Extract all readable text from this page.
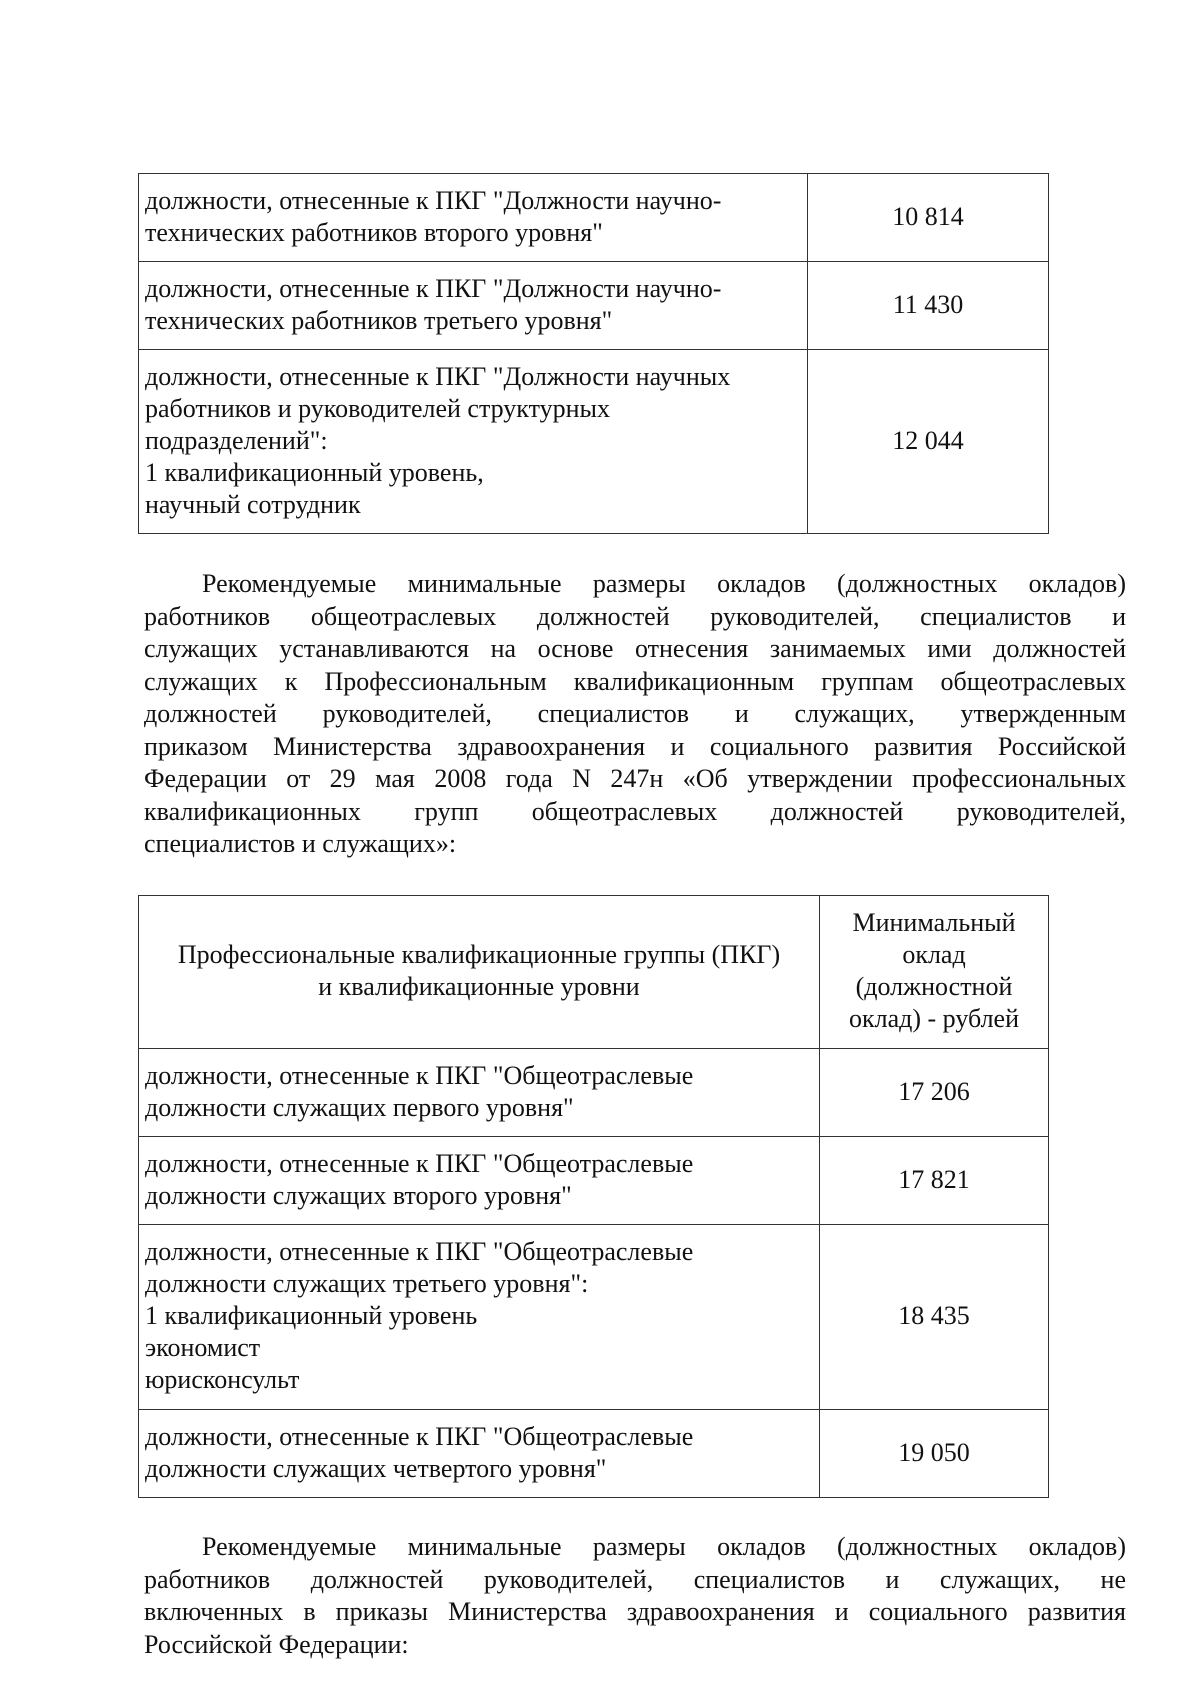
должности, отнесенные к ПКГ "Должности научно-
технических работников второго уровня"	10 814

должности, отнесенные к ПКГ "Должности научно-
технических работников третьего уровня"	11 430

должности, отнесенные к ПКГ "Должности научных
работников и руководителей структурных
подразделений":
1 квалификационный уровень,
научный сотрудник	12 044
Рекомендуемые минимальные размеры окладов (должностных окладов)
работников общеотраслевых должностей руководителей, специалистов и
служащих устанавливаются на основе отнесения занимаемых ими должностей
служащих к Профессиональным квалификационным группам общеотраслевых
должностей руководителей, специалистов и служащих, утвержденным
приказом Министерства здравоохранения и социального развития Российской
Федерации от 29 мая 2008 года N 247н «Об утверждении профессиональных
квалификационных групп общеотраслевых должностей руководителей,
специалистов и служащих»:
Профессиональные квалификационные группы (ПКГ)
и квалификационные уровни	Минимальный
оклад
(должностной
оклад) - рублей

должности, отнесенные к ПКГ "Общеотраслевые
должности служащих первого уровня"	17 206

должности, отнесенные к ПКГ "Общеотраслевые
должности служащих второго уровня"	17 821

должности, отнесенные к ПКГ "Общеотраслевые
должности служащих третьего уровня":
1 квалификационный уровень
экономист
юрисконсульт	18 435

должности, отнесенные к ПКГ "Общеотраслевые
должности служащих четвертого уровня"	19 050
Рекомендуемые минимальные размеры окладов (должностных окладов)
работников должностей руководителей, специалистов и служащих, не
включенных в приказы Министерства здравоохранения и социального развития
Российской Федерации:
